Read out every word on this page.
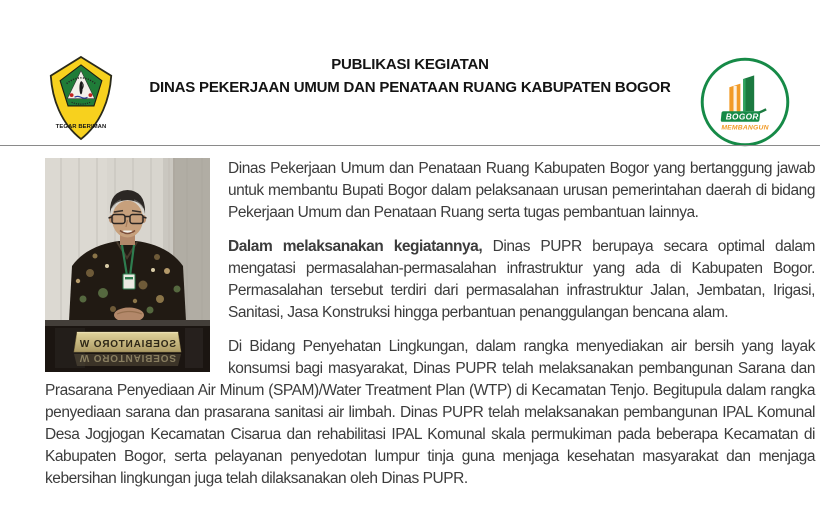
TEGAR BERIMAN
PUBLIKASI KEGIATAN
DINAS PEKERJAAN UMUM DAN PENATAAN RUANG KABUPATEN BOGOR
BOGOR
MEMBANGUN
SOEBIANTORO W
SOEBIANTORO W

Dinas Pekerjaan Umum dan Penataan Ruang Kabupaten Bogor yang bertanggung jawab untuk membantu Bupati Bogor dalam pelaksanaan urusan pemerintahan daerah di bidang Pekerjaan Umum dan Penataan Ruang serta tugas pembantuan lainnya.

Dalam melaksanakan kegiatannya, Dinas PUPR berupaya secara optimal dalam mengatasi permasalahan-permasalahan infrastruktur yang ada di Kabupaten Bogor. Permasalahan tersebut terdiri dari permasalahan infrastruktur Jalan, Jembatan, Irigasi, Sanitasi, Jasa Konstruksi hingga perbantuan penanggulangan bencana alam.

Di Bidang Penyehatan Lingkungan, dalam rangka menyediakan air bersih yang layak konsumsi bagi masyarakat, Dinas PUPR telah melaksanakan pembangunan Sarana dan Prasarana Penyediaan Air Minum (SPAM)/Water Treatment Plan (WTP) di Kecamatan Tenjo. Begitupula dalam rangka penyediaan sarana dan prasarana sanitasi air limbah. Dinas PUPR telah melaksanakan pembangunan IPAL Komunal Desa Jogjogan Kecamatan Cisarua dan rehabilitasi IPAL Komunal skala permukiman pada beberapa Kecamatan di Kabupaten Bogor, serta pelayanan penyedotan lumpur tinja guna menjaga kesehatan masyarakat dan menjaga kebersihan lingkungan juga telah dilaksanakan oleh Dinas PUPR.
